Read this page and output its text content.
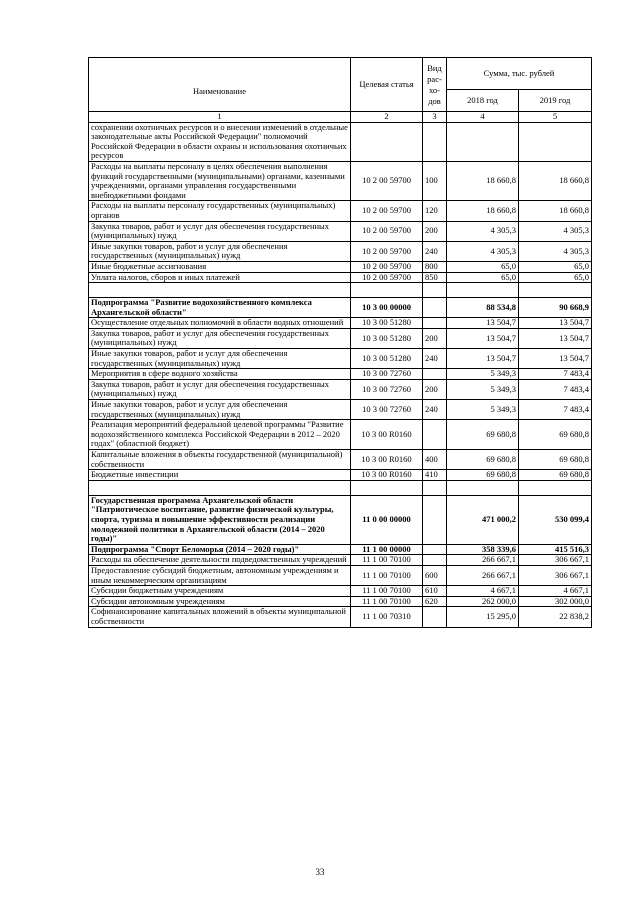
Наименование	Целевая статья	Вид
рас-
хо-
дов	Сумма, тыс. рублей	
			2018 год	2019 год
1	2	3	4	5
сохранении охотничьих ресурсов и о внесении изменений в отдельные законодательные акты Российской Федерации" полномочий Российской Федерации в области охраны и использования охотничьих ресурсов				
Расходы на выплаты персоналу в целях обеспечения выполнения функций государственными (муниципальными) органами, казенными учреждениями, органами управления государственными внебюджетными фондами	10 2 00 59700	100	18 660,8	18 660,8
Расходы на выплаты персоналу государственных (муниципальных) органов	10 2 00 59700	120	18 660,8	18 660,8
Закупка товаров, работ и услуг для обеспечения государственных (муниципальных) нужд	10 2 00 59700	200	4 305,3	4 305,3
Иные закупки товаров, работ и услуг для обеспечения государственных (муниципальных) нужд	10 2 00 59700	240	4 305,3	4 305,3
Иные бюджетные ассигнования	10 2 00 59700	800	65,0	65,0
Уплата налогов, сборов и иных платежей	10 2 00 59700	850	65,0	65,0

Подпрограмма "Развитие водохозяйственного комплекса Архангельской области"	10 3 00 00000		88 534,8	90 668,9
Осуществление отдельных полномочий в области водных отношений	10 3 00 51280		13 504,7	13 504,7
Закупка товаров, работ и услуг для обеспечения государственных (муниципальных) нужд	10 3 00 51280	200	13 504,7	13 504,7
Иные закупки товаров, работ и услуг для обеспечения государственных (муниципальных) нужд	10 3 00 51280	240	13 504,7	13 504,7
Мероприятия в сфере водного хозяйства	10 3 00 72760		5 349,3	7 483,4
Закупка товаров, работ и услуг для обеспечения государственных (муниципальных) нужд	10 3 00 72760	200	5 349,3	7 483,4
Иные закупки товаров, работ и услуг для обеспечения государственных (муниципальных) нужд	10 3 00 72760	240	5 349,3	7 483,4
Реализация мероприятий федеральной целевой программы "Развитие водохозяйственного комплекса Российской Федерации в 2012 – 2020 годах" (областной бюджет)	10 3 00 R0160		69 680,8	69 680,8
Капитальные вложения в объекты государственной (муниципальной) собственности	10 3 00 R0160	400	69 680,8	69 680,8
Бюджетные инвестиции	10 3 00 R0160	410	69 680,8	69 680,8

Государственная программа Архангельской области "Патриотическое воспитание, развитие физической культуры, спорта, туризма и повышение эффективности реализации молодежной политики в Архангельской области (2014 – 2020 годы)"	11 0 00 00000		471 000,2	530 099,4
Подпрограмма "Спорт Беломорья (2014 – 2020 годы)"	11 1 00 00000		358 339,6	415 516,3
Расходы на обеспечение деятельности подведомственных учреждений	11 1 00 70100		266 667,1	306 667,1
Предоставление субсидий бюджетным, автономным учреждениям и иным некоммерческим организациям	11 1 00 70100	600	266 667,1	306 667,1
Субсидии бюджетным учреждениям	11 1 00 70100	610	4 667,1	4 667,1
Субсидии автономным учреждениям	11 1 00 70100	620	262 000,0	302 000,0
Софинансирование капитальных вложений в объекты муниципальной собственности	11 1 00 70310		15 295,0	22 838,2
33
